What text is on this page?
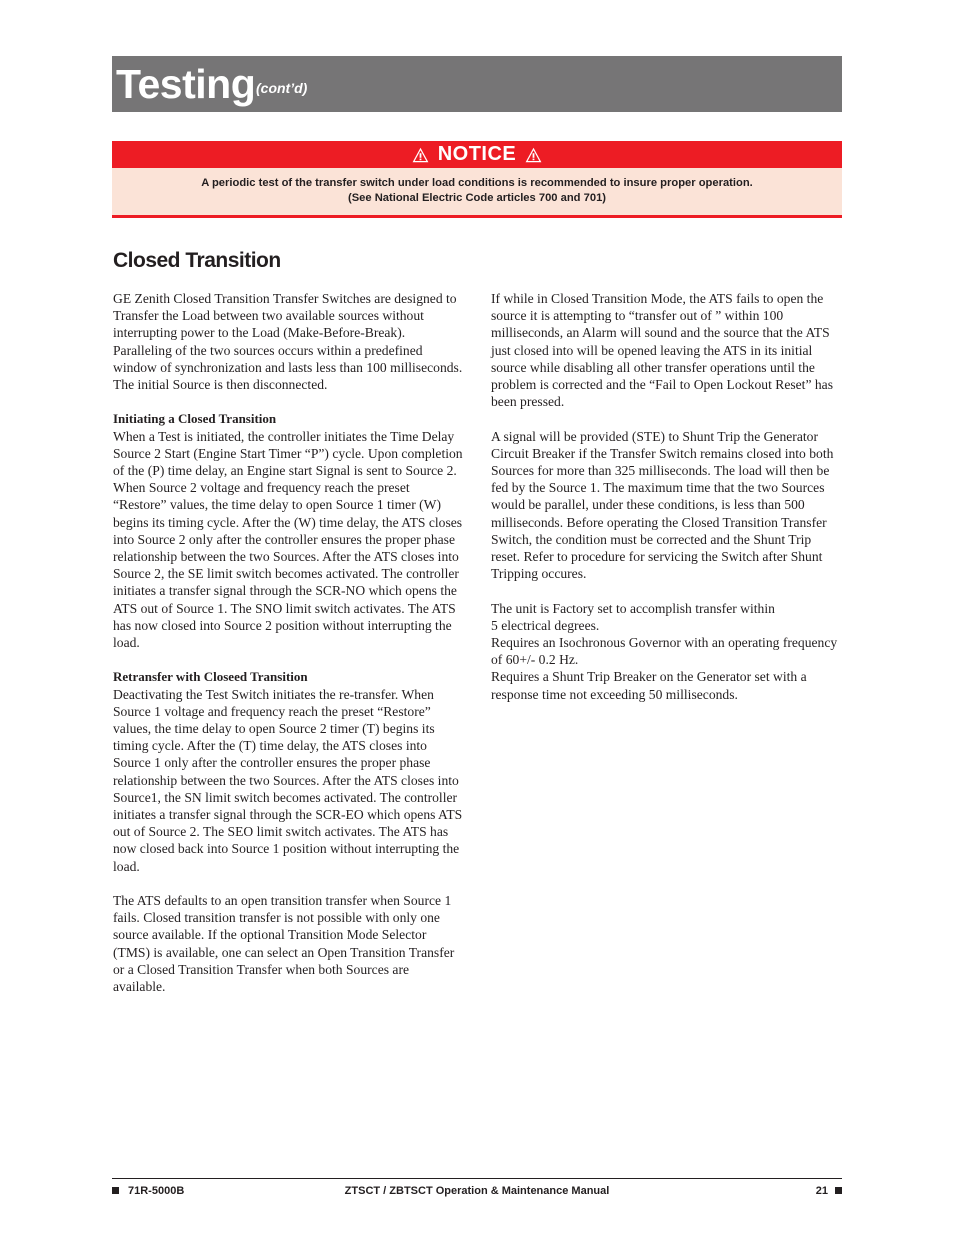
Testing (cont’d)
NOTICE
A periodic test of the transfer switch under load conditions is recommended to insure proper operation.
(See National Electric Code articles 700 and 701)
Closed Transition

GE Zenith Closed Transition Transfer Switches are designed to Transfer the Load between two available sources without interrupting power to the Load (Make-Before-Break). Paralleling of the two sources occurs within a predefined window of synchronization and lasts less than 100 milliseconds. The initial Source is then disconnected.

Initiating a Closed Transition
When a Test is initiated, the controller initiates the Time Delay Source 2 Start (Engine Start Timer “P”) cycle. Upon completion of the (P) time delay, an Engine start Signal is sent to Source 2. When Source 2 voltage and frequency reach the preset “Restore” values, the time delay to open Source 1 timer (W) begins its timing cycle. After the (W) time delay, the ATS closes into Source 2 only after the controller ensures the proper phase relationship between the two Sources. After the ATS closes into Source 2, the SE limit switch becomes activated. The controller initiates a transfer signal through the SCR-NO which opens the ATS out of Source 1. The SNO limit switch activates. The ATS has now closed into Source 2 position without interrupting the load.

Retransfer with Closeed Transition
Deactivating the Test Switch initiates the re-transfer. When Source 1 voltage and frequency reach the preset “Restore” values, the time delay to open Source 2 timer (T) begins its timing cycle. After the (T) time delay, the ATS closes into Source 1 only after the controller ensures the proper phase relationship between the two Sources. After the ATS closes into Source1, the SN limit switch becomes activated. The controller initiates a transfer signal through the SCR-EO which opens ATS out of Source 2. The SEO limit switch activates. The ATS has now closed back into Source 1 position without interrupting the load.

The ATS defaults to an open transition transfer when Source 1 fails. Closed transition transfer is not possible with only one source available. If the optional Transition Mode Selector (TMS) is available, one can select an Open Transition Transfer or a Closed Transition Transfer when both Sources are available.

If while in Closed Transition Mode, the ATS fails to open the source it is attempting to “transfer out of ” within 100 milliseconds, an Alarm will sound and the source that the ATS just closed into will be opened leaving the ATS in its initial source while disabling all other transfer operations until the problem is corrected and the “Fail to Open Lockout Reset” has been pressed.

A signal will be provided (STE) to Shunt Trip the Generator Circuit Breaker if the Transfer Switch remains closed into both Sources for more than 325 milliseconds. The load will then be fed by the Source 1. The maximum time that the two Sources would be parallel, under these conditions, is less than 500 milliseconds. Before operating the Closed Transition Transfer Switch, the condition must be corrected and the Shunt Trip reset. Refer to procedure for servicing the Switch after Shunt Tripping occures.

The unit is Factory set to accomplish transfer within

5 electrical degrees.

Requires an Isochronous Governor with an operating frequency of 60+/- 0.2 Hz.

Requires a Shunt Trip Breaker on the Generator set with a response time not exceeding 50 milliseconds.

71R-5000B	ZTSCT / ZBTSCT Operation & Maintenance Manual	21
